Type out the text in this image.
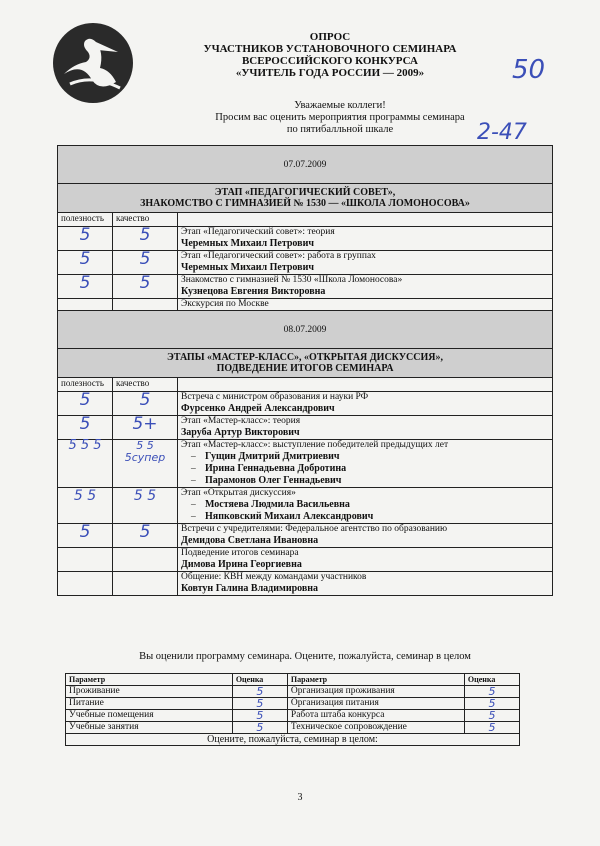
ОПРОС
УЧАСТНИКОВ УСТАНОВОЧНОГО СЕМИНАРА
ВСЕРОССИЙСКОГО КОНКУРСА
«УЧИТЕЛЬ ГОДА РОССИИ — 2009»	50
Уважаемые коллеги!
Просим вас оценить мероприятия программы семинара
по пятибалльной шкале	2-47
07.07.2009		

ЭТАП «ПЕДАГОГИЧЕСКИЙ СОВЕТ»,
ЗНАКОМСТВО С ГИМНАЗИЕЙ № 1530 — «ШКОЛА ЛОМОНОСОВА»		

полезность	качество	
5	5	Этап «Педагогический совет»: теория
Черемных Михаил Петрович
5	5	Этап «Педагогический совет»: работа в группах
Черемных Михаил Петрович
5	5	Знакомство с гимназией № 1530 «Школа Ломоносова»
Кузнецова Евгения Викторовна

		Экскурсия по Москве

08.07.2009		

ЭТАПЫ «МАСТЕР-КЛАСС», «ОТКРЫТАЯ ДИСКУССИЯ»,
ПОДВЕДЕНИЕ ИТОГОВ СЕМИНАРА		

полезность	качество	
5	5	Встреча с министром образования и науки РФ
Фурсенко Андрей Александрович
5	5+	Этап «Мастер-класс»: теория
Заруба Артур Викторович
5 5 5	5 5 5супер	Этап «Мастер-класс»: выступление победителей предыдущих лет
– Гущин Дмитрий Дмитриевич
– Ирина Геннадьевна Добротина
– Парамонов Олег Геннадьевич

5 5	5 5	Этап «Открытая дискуссия»
– Мостяева Людмила Васильевна
– Няпковский Михаил Александрович

5	5	Встречи с учредителями: Федеральное агентство по образованию
Демидова Светлана Ивановна

		Подведение итогов семинара
Димова Ирина Георгиевна

		Общение: КВН между командами участников
Ковтун Галина Владимировна
Вы оценили программу семинара. Оцените, пожалуйста, семинар в целом
Параметр	Оценка	Параметр	Оценка
Проживание	5	Организация проживания	5
Питание	5	Организация питания	5
Учебные помещения	5	Работа штаба конкурса	5
Учебные занятия	5	Техническое сопровождение	5
Оцените, пожалуйста, семинар в целом:			
3
